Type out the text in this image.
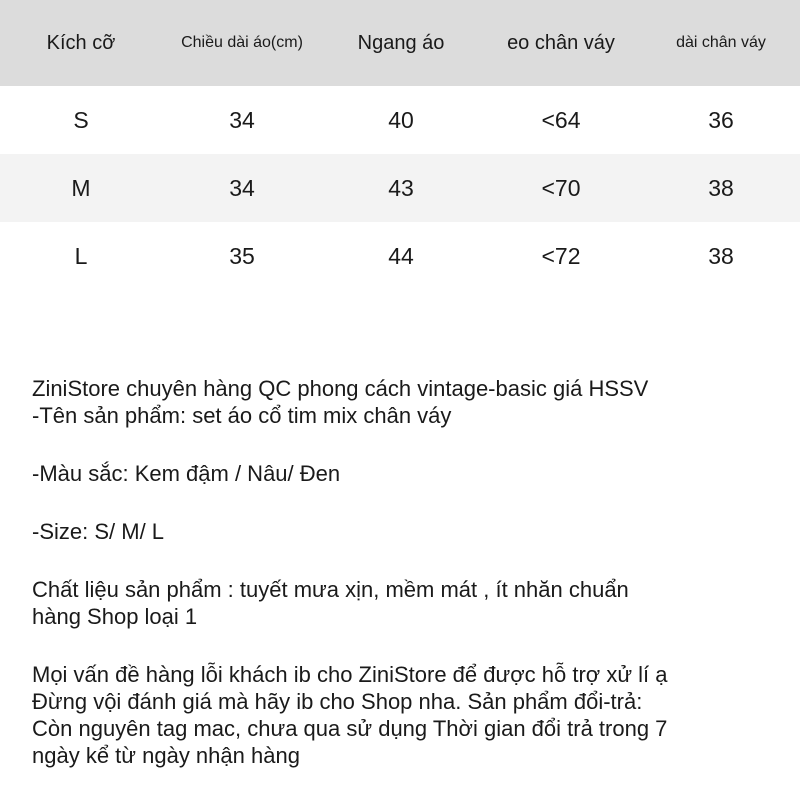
Kích cỡ	Chiều dài áo(cm)	Ngang áo	eo chân váy	dài chân váy
S	34	40	<64	36
M	34	43	<70	38
L	35	44	<72	38

ZiniStore chuyên hàng QC phong cách vintage-basic giá HSSV
-Tên sản phẩm: set áo cổ tim mix chân váy

-Màu sắc: Kem đậm / Nâu/ Đen

-Size: S/ M/ L

Chất liệu sản phẩm : tuyết mưa xịn, mềm mát , ít nhăn chuẩn
hàng Shop loại 1

Mọi vấn đề hàng lỗi khách ib cho ZiniStore để được hỗ trợ xử lí ạ
Đừng vội đánh giá mà hãy ib cho Shop nha. Sản phẩm đổi-trả:
Còn nguyên tag mac, chưa qua sử dụng Thời gian đổi trả trong 7
ngày kể từ ngày nhận hàng
